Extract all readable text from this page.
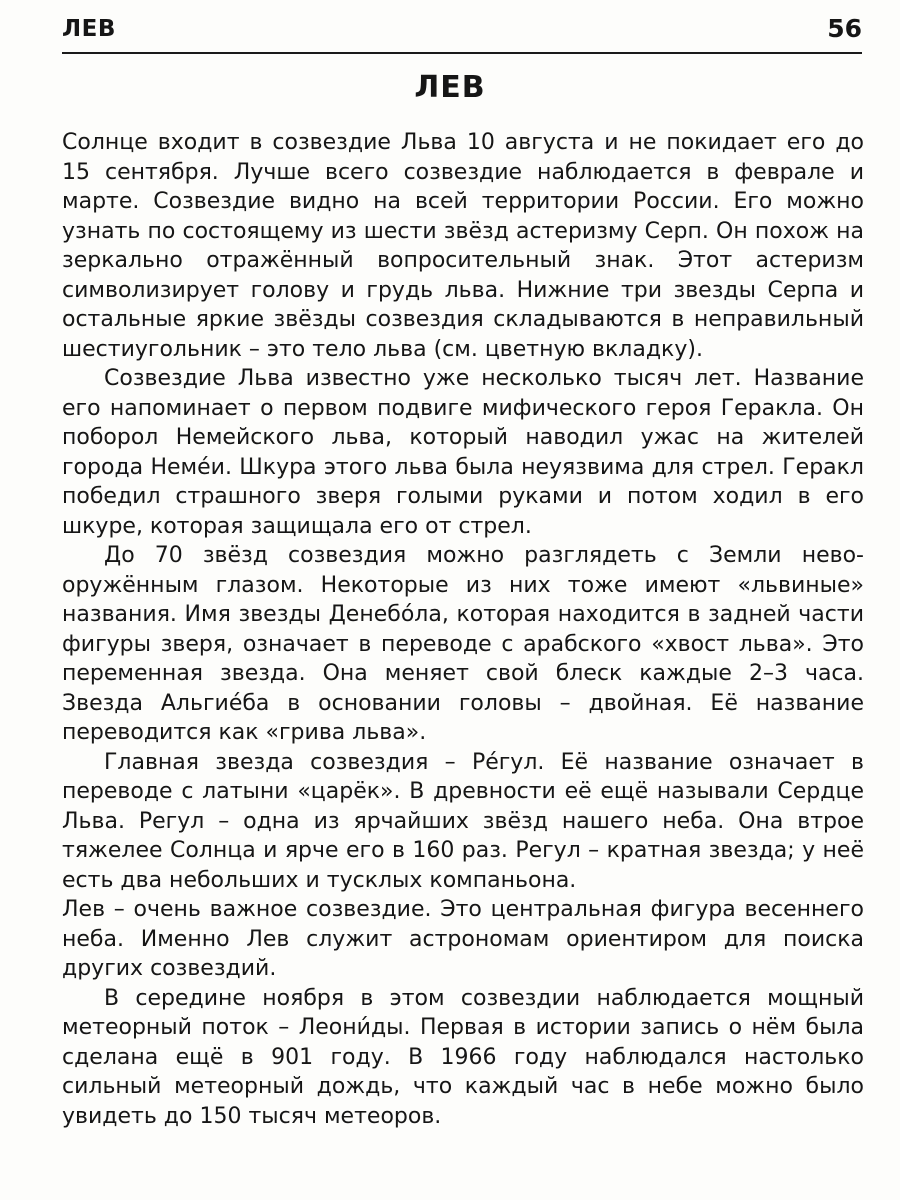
ЛЕВ	56
ЛЕВ

Солнце входит в созвездие Льва 10 августа и не покидает его до 15 сентября. Лучше всего созвездие наблюдается в феврале и марте. Созвездие видно на всей территории России. Его можно узнать по состоящему из шести звёзд астеризму Серп. Он похож на зеркально отражённый вопросительный знак. Этот астеризм символизирует голову и грудь льва. Нижние три звезды Серпа и остальные яркие звёзды созвездия складываются в неправильный шестиугольник – это тело льва (см. цветную вкладку).

Созвездие Льва известно уже несколько тысяч лет. Название его напоминает о первом подвиге мифического героя Геракла. Он поборол Немейского льва, который наводил ужас на жителей города Немéи. Шкура этого льва была неуязвима для стрел. Геракл победил страшного зверя голыми руками и потом ходил в его шкуре, которая защищала его от стрел.

До 70 звёзд созвездия можно разглядеть с Земли невооружённым глазом. Некоторые из них тоже имеют «львиные» названия. Имя звезды Денебóла, которая находится в задней части фигуры зверя, означает в переводе с арабского «хвост льва». Это переменная звезда. Она меняет свой блеск каждые 2–3 часа. Звезда Альгиéба в основании головы – двойная. Её название переводится как «грива льва».

Главная звезда созвездия – Рéгул. Её название означает в переводе с латыни «царёк». В древности её ещё называли Сердце Льва. Регул – одна из ярчайших звёзд нашего неба. Она втрое тяжелее Солнца и ярче его в 160 раз. Регул – кратная звезда; у неё есть два небольших и тусклых компаньона.

Лев – очень важное созвездие. Это центральная фигура весеннего неба. Именно Лев служит астрономам ориентиром для поиска других созвездий.

В середине ноября в этом созвездии наблюдается мощный метеорный поток – Леони́ды. Первая в истории запись о нём была сделана ещё в 901 году. В 1966 году наблюдался настолько сильный метеорный дождь, что каждый час в небе можно было увидеть до 150 тысяч метеоров.
